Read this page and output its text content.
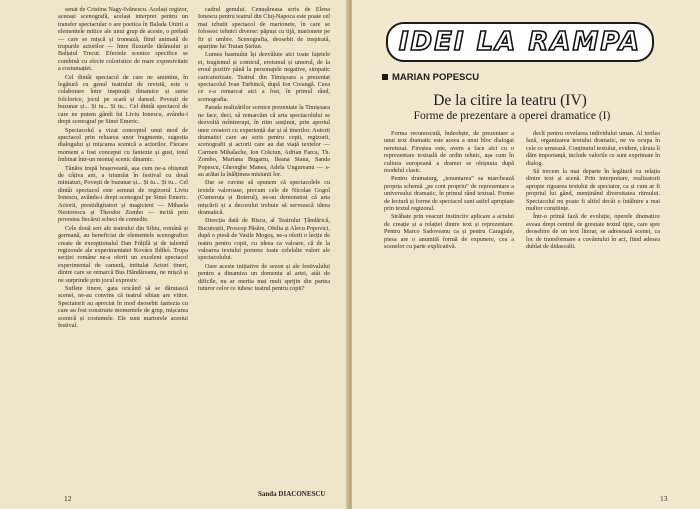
senat de Cristina Nagy-Ivănescu. Același regizor, aceeași scenografă, același interpret pentru un transfer spectacular o are poetica în Balada Unirii a elementele mitice ale unui grup de aceste, o prelată — care se mișcă și tronează, fiind animată de trupurile actorilor — între fluxurile tărâmului și Balțatul Trecut. Efectele scenice specifice se combină cu efecte coloristice de mare expresivitate a costumației.

Cel dintâi spectacol de care ne amintim, în legătură cu genul teatrului de revistă, este o colaborare între inspirații dinamice și surse folclorice, jocul pe scară și dansul. Povești de buzunar și... Și tu... Și tu... Cel dintâi spectacol de care ne putem gândi lui Liviu Ionescu, avându-i drept scenograf pe Simó Emeric.

Spectacolul a vizat conceptul unui mod de spectacol prin reluarea unor fragmente, sugestia dialogului și mișcarea scenică a actorilor. Fiecare moment a fost conceput cu fantezie și gust, totul îmbinat într-un montaj scenic dinamic.

Tânăra trupă brașoveană, așa cum ne-a obișnuit de câțiva ani, a triumfat în festival cu două miniaturi, Povești de buzunar și... Și tu... Și tu... Cel dintâi spectacol este semnat de regizorul Liviu Ionescu, avându-i drept scenograf pe Simó Emeric. Actorii, prestidigitatori și magicieni — Mihaela Nestorescu și Theodor Zombo — incită prin povestea fiecărui scheci de comedie.

Cele două seri ale teatrului din Sibiu, română și germană, au beneficiat de elementele scenografice create de excepționalul Dan Frățilă și de talentul regizorale ale experimentatei Kovács Ildikó. Trupa secției române ne-a oferit un excelent spectacol experimental de cameră, intitulat Actori tineri, dintre care se remarcă Bus Hăndăreanu, ne mișcă și ne surprinde prin jocul expresiv.

Suflete tinere, gata oricând să se dăruiască scenei, ne-au convins că teatrul sibian are viitor. Spectatorii au apreciat în mod deosebit fantezia cu care au fost construite momentele de grup, mișcarea scenică și costumele. Ele sunt martorele acestui festival.

cadrul genului. Cenușăreasa scris de Elena Ionescu pentru teatrul din Cluj-Napoca este poate cel mai izbutit spectacol de marionete, în care se folosesc tehnici diverse: păpuși cu tijă, marionete pe fir și umbre. Scenografia, deosebit de inspirată, aparține lui Traian Ștefan.

Lumea basmului își dezvăluie aici toate fațetele ei, tragismul și comicul, eroismul și umorul, de la eroul pozitiv până la personajele negative, simpatic caricaturizate. Teatrul din Timișoara a prezentat spectacolul Ivan Turbincă, după Ion Creangă. Ceea ce s-a remarcat aici a fost, în primul rând, scenografia.

Parada realizărilor scenice prezentate la Timișoara ne face, deci, să remarcăm că arta spectacolului se dezvoltă neîntrerupt, în ritm susținut, prin aportul unor creatori cu experiență dar și al tinerilor. Autorii dramatici care au scris pentru copii, regizorii, scenografii și actorii care au dat viață textelor — Carmen Mihalache, Ion Crăciun, Adrian Farca, Th. Zombo, Mariana Bugariu, Ileana Stana, Sanda Popescu, Gheorghe Manea, Adela Ungureanu — s-au arătat la înălțimea misiunii lor.

Dar se cuvine să spunem că spectacolele cu textele valoroase, precum cele de Nicolae Gogol (Cumeruța și Boierul), ne-au demonstrat că arta mișcării și a decorului trebuie să servească ideea dramatică.

Direcția dată de Biscu, al Teatrului Țăndărică, Bucureștii, Proscop Păsăre, Ofelia și Alecu Popovici, după o piesă de Vasile Mogoș, ne-a oferit o lecție de teatru pentru copii, cu ideea ca valoare, că de la valoarea textului pornesc toate celelalte valori ale spectacolului.

Oare aceste inițiative de sezon și ale festivalului pentru a dinamiza un domeniu al artei, atât de dificile, nu ar merita mai mult sprijin din partea tuturor celor ce iubesc teatrul pentru copii?

Sanda DIACONESCU

Forma recunoscută, îndeobște, de prezentare a unui text dramatic este aceea a unui bloc dialogat neretezat. Fireștea este, avem a face aici cu o reprezentare textuală de ordin tehnic, așa cum în cultura europeană a dramei se obișnuia după modelul clasic.

Pentru dramaturg, „tenuntarea” sa marchează propria schemă „pe cont propriu” de reprezentare a universului dramatic, în primul rând textual. Forme de lectură și forme de spectacol sunt astfel apropiate prin textul regizoral.

Străbate prin veacuri instinctiv aplicare a actului de creație și a relației dintre text și reprezentare. Pentru Marco Sadoveanu ca și pentru Caragiale, piesa are o anumită formă de expunere, cea a scenelor cu parte explicativă.

decît pentru revelarea individului uman. Al treilea fază, organizarea textului dramatic, ne va ocupa în cele ce urmează. Conținutul textului, evident, căruia îi dăm importanță, include valorile ce sunt exprimate în dialog.

Să trecem la mai departe în legătură cu relația dintre text și scenă. Prin interpretare, realizatorii apropie rigoarea textului de spectator, ca și cum ar fi propriul lui gând, menținând diversitatea ritmului. Spectacolul nu poate fi altfel decât o întâlnire a mai multor conștiințe.

Într-o primă fază de evoluție, operele dramatice aveau drept centrul de greutate textul tipic, care spre deosebire de un text literar, se adresează scenei, ca loc de transformare a cuvântului în act, fiind adesea dublat de didascalii.

IDEI LA RAMPA
MARIAN POPESCU
De la citire la teatru (IV)
Forme de prezentare a operei dramatice (I)
12	13
